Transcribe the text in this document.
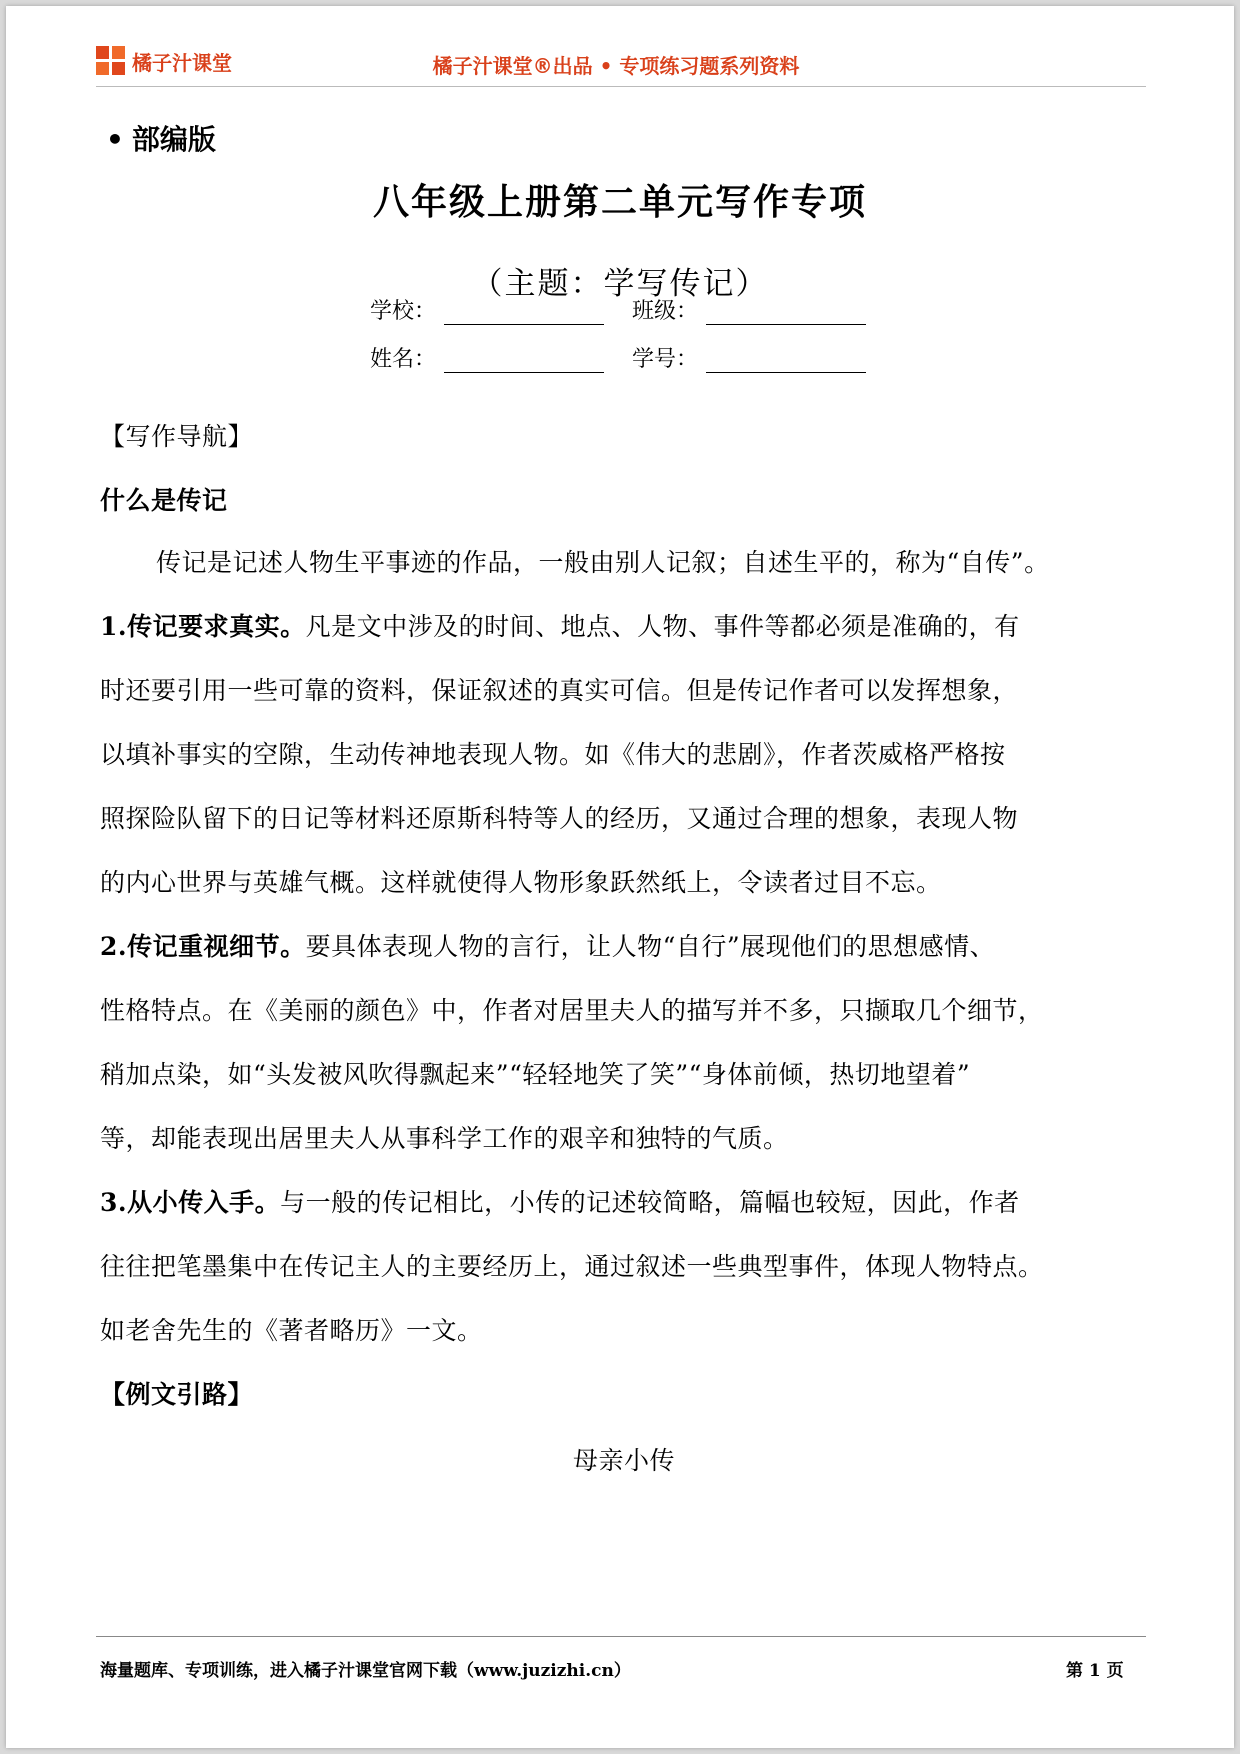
橘子汁课堂	橘子汁课堂®出品 • 专项练习题系列资料
• 部编版
八年级上册第二单元写作专项
（主题：学写传记）
学校：	班级：
姓名：	学号：
【写作导航】
什么是传记
传记是记述人物生平事迹的作品，一般由别人记叙；自述生平的，称为“自传”。
1.传记要求真实。凡是文中涉及的时间、地点、人物、事件等都必须是准确的，有
时还要引用一些可靠的资料，保证叙述的真实可信。但是传记作者可以发挥想象，
以填补事实的空隙，生动传神地表现人物。如《伟大的悲剧》，作者茨威格严格按
照探险队留下的日记等材料还原斯科特等人的经历，又通过合理的想象，表现人物
的内心世界与英雄气概。这样就使得人物形象跃然纸上，令读者过目不忘。
2.传记重视细节。要具体表现人物的言行，让人物“自行”展现他们的思想感情、
性格特点。在《美丽的颜色》中，作者对居里夫人的描写并不多，只撷取几个细节，
稍加点染，如“头发被风吹得飘起来”“轻轻地笑了笑”“身体前倾，热切地望着”
等，却能表现出居里夫人从事科学工作的艰辛和独特的气质。
3.从小传入手。与一般的传记相比，小传的记述较简略，篇幅也较短，因此，作者
往往把笔墨集中在传记主人的主要经历上，通过叙述一些典型事件，体现人物特点。
如老舍先生的《著者略历》一文。
【例文引路】
母亲小传
海量题库、专项训练，进入橘子汁课堂官网下载（www.juzizhi.cn）	第 1 页
